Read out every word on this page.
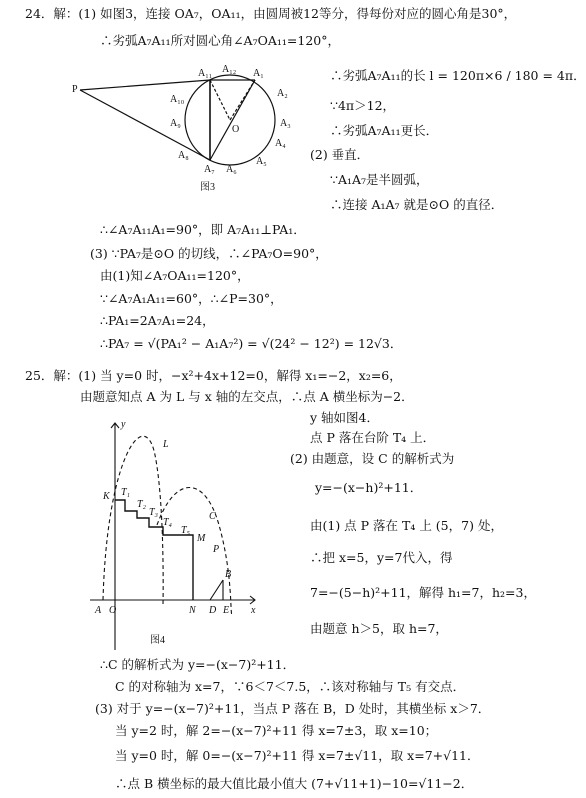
24．解：(1) 如图3，连接 OA₇，OA₁₁，由圆周被12等分，得每份对应的圆心角是30°，
∴劣弧A₇A₁₁所对圆心角∠A₇OA₁₁=120°，
∴劣弧A₇A₁₁的长 l = 120π×6 / 180 = 4π．
∵4π＞12，
∴劣弧A₇A₁₁更长．
(2) 垂直．
∵A₁A₇是半圆弧，
∴连接 A₁A₇ 就是⊙O 的直径．
∴∠A₇A₁₁A₁=90°，即 A₇A₁₁⊥PA₁．
(3) ∵PA₇是⊙O 的切线，∴∠PA₇O=90°，
由(1)知∠A₇OA₁₁=120°，
∵∠A₇A₁A₁₁=60°，∴∠P=30°，
∴PA₁=2A₇A₁=24，
∴PA₇ = √(PA₁² − A₁A₇²) = √(24² − 12²) = 12√3．
A₁₁ A₁₂ A₁
A₂
A₃
A₄
A₅
A₆
A₇
A₈
A₉
A₁₀
P
O
图3
25．解：(1) 当 y=0 时，−x²+4x+12=0，解得 x₁=−2，x₂=6，
由题意知点 A 为 L 与 x 轴的左交点，∴点 A 横坐标为−2．
y 轴如图4．
点 P 落在台阶 T₄ 上．
(2) 由题意，设 C 的解析式为
y=−(x−h)²+11．
由(1) 点 P 落在 T₄ 上 (5，7) 处，
∴把 x=5，y=7代入，得
7=−(5−h)²+11，解得 h₁=7，h₂=3，
由题意 h＞5，取 h=7，
∴C 的解析式为 y=−(x−7)²+11．
C 的对称轴为 x=7，∵6＜7＜7.5，∴该对称轴与 T₅ 有交点．
(3) 对于 y=−(x−7)²+11，当点 P 落在 B，D 处时，其横坐标 x＞7．
当 y=2 时，解 2=−(x−7)²+11 得 x=7±3，取 x=10；
当 y=0 时，解 0=−(x−7)²+11 得 x=7±√11，取 x=7+√11．
∴点 B 横坐标的最大值比最小值大 (7+√11+1)−10=√11−2．
y
L
K T₁
T₂
T₃
T₄
T₅
C
M
P
B
A O	N D E x
图4
